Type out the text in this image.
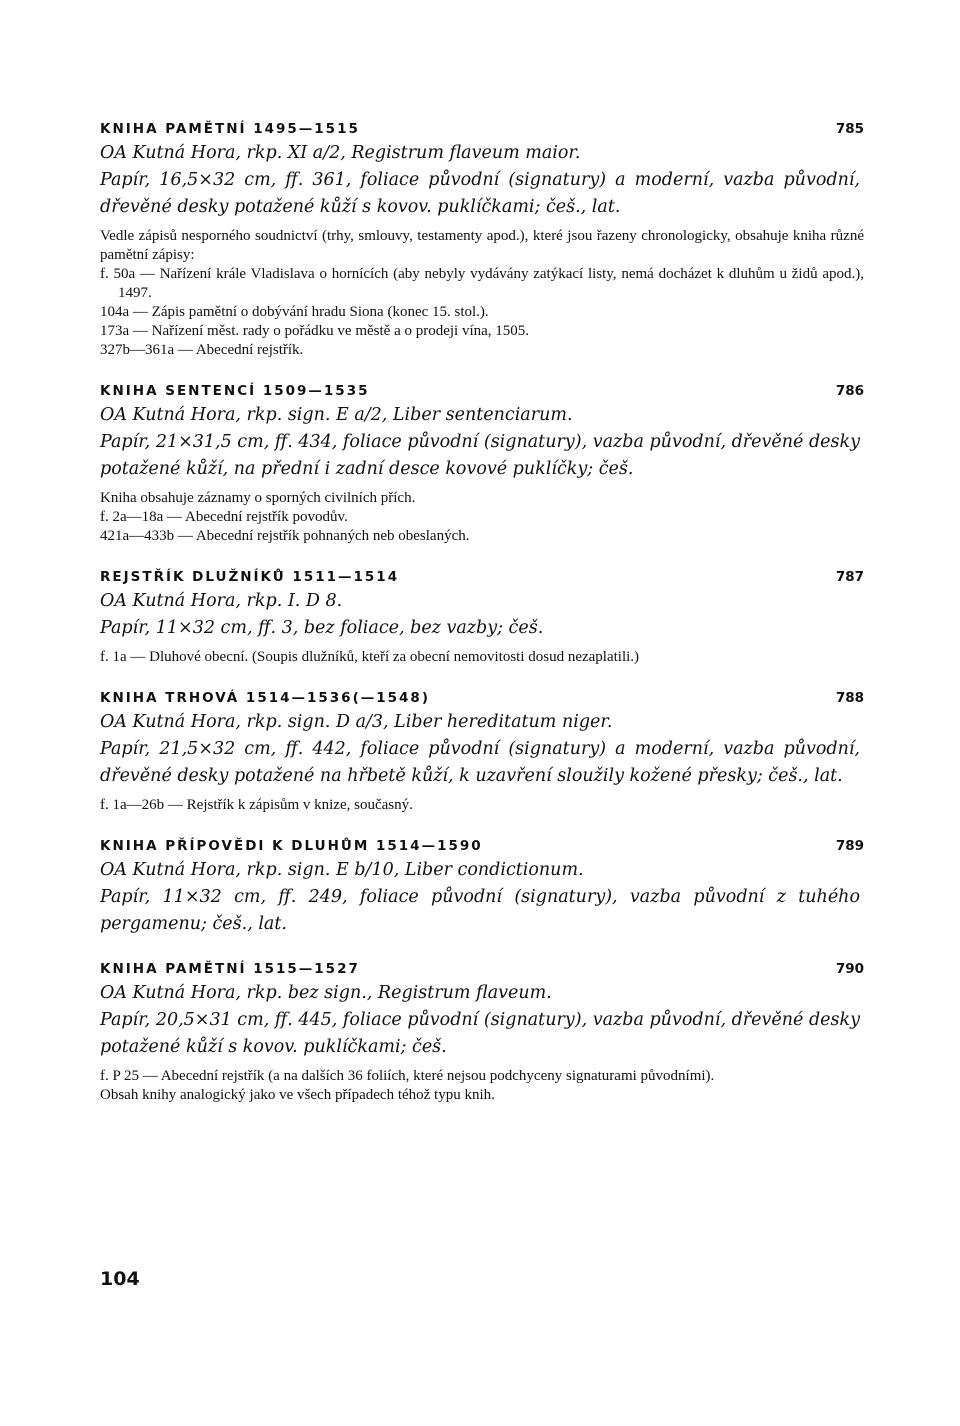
KNIHA PAMĚTNÍ 1495—1515	785

OA Kutná Hora, rkp. XI a/2, Registrum flaveum maior.

Papír, 16,5×32 cm, ff. 361, foliace původní (signatury) a moderní, vazba původní, dřevěné desky potažené kůží s kovov. puklíčkami; češ., lat.

Vedle zápisů nesporného soudnictví (trhy, smlouvy, testamenty apod.), které jsou řazeny chronologicky, obsahuje kniha různé pamětní zápisy:

f. 50a — Nařízení krále Vladislava o hornících (aby nebyly vydávány zatýkací listy, nemá docházet k dluhům u židů apod.), 1497.

104a — Zápis pamětní o dobývání hradu Siona (konec 15. stol.).

173a — Nařízení měst. rady o pořádku ve městě a o prodeji vína, 1505.

327b—361a — Abecední rejstřík.

KNIHA SENTENCÍ 1509—1535	786

OA Kutná Hora, rkp. sign. E a/2, Liber sentenciarum.

Papír, 21×31,5 cm, ff. 434, foliace původní (signatury), vazba původní, dřevěné desky potažené kůží, na přední i zadní desce kovové puklíčky; češ.

Kniha obsahuje záznamy o sporných civilních přích.

f. 2a—18a — Abecední rejstřík povodův.

421a—433b — Abecední rejstřík pohnaných neb obeslaných.

REJSTŘÍK DLUŽNÍKŮ 1511—1514	787

OA Kutná Hora, rkp. I. D 8.

Papír, 11×32 cm, ff. 3, bez foliace, bez vazby; češ.

f. 1a — Dluhové obecní. (Soupis dlužníků, kteří za obecní nemovitosti dosud nezaplatili.)

KNIHA TRHOVÁ 1514—1536(—1548)	788

OA Kutná Hora, rkp. sign. D a/3, Liber hereditatum niger.

Papír, 21,5×32 cm, ff. 442, foliace původní (signatury) a moderní, vazba původní, dřevěné desky potažené na hřbetě kůží, k uzavření sloužily kožené přesky; češ., lat.

f. 1a—26b — Rejstřík k zápisům v knize, současný.

KNIHA PŘÍPOVĚDI K DLUHŮM 1514—1590	789

OA Kutná Hora, rkp. sign. E b/10, Liber condictionum.

Papír, 11×32 cm, ff. 249, foliace původní (signatury), vazba původní z tuhého pergamenu; češ., lat.

KNIHA PAMĚTNÍ 1515—1527	790

OA Kutná Hora, rkp. bez sign., Registrum flaveum.

Papír, 20,5×31 cm, ff. 445, foliace původní (signatury), vazba původní, dřevěné desky potažené kůží s kovov. puklíčkami; češ.

f. P 25 — Abecední rejstřík (a na dalších 36 foliích, které nejsou podchyceny signaturami původními).

Obsah knihy analogický jako ve všech případech téhož typu knih.

104
